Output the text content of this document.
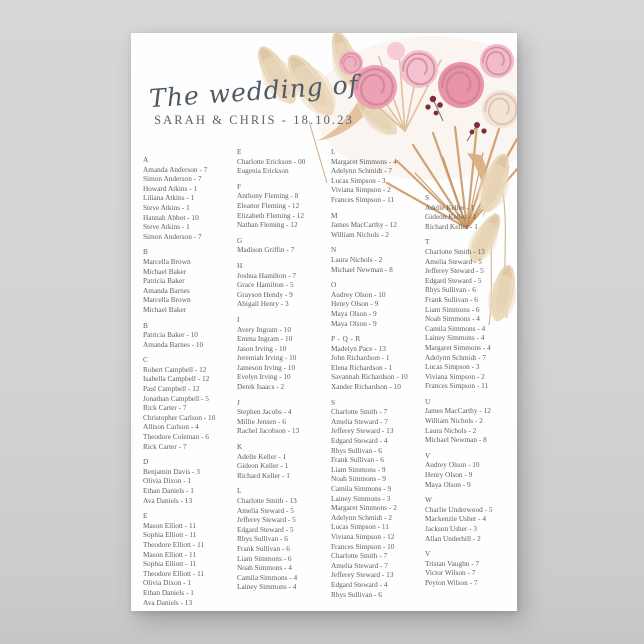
The wedding of
SARAH & CHRIS - 18.10.23
A
Amanda Anderson - 7
Simon Anderson - 7
Howard Atkins - 1
Liliana Atkins - 1
Steve Atkins - 1
Hannah Abbot - 10
Steve Atkins - 1
Simon Anderson - 7
B
Marcella Brown
Michael Baker
Patricia Baker
Amanda Barnes
Marcella Brown
Michael Baker
B
Patricia Baker - 10
Amanda Barnes - 10
C
Robert Campbell - 12
Isabella Campbell - 12
Paul Campbell - 12
Jonathan Campbell - 5
Rick Carter - 7
Christopher Carlson - 10
Allison Carlson - 4
Theodore Coleman - 6
Rick Carter - 7
D
Benjamin Davis - 3
Olivia Dixon - 1
Ethan Daniels - 1
Ava Daniels - 13
E
Mason Elliott - 11
Sophia Elliott - 11
Theodore Elliott - 11
Mason Elliott - 11
Sophia Elliott - 11
Theodore Elliott - 11
Olivia Dixon - 1
Ethan Daniels - 1
Ava Daniels - 13
E
Charlotte Erickson - 00
Eugenia Erickson
F
Anthony Fleming - 8
Eleanor Fleming - 12
Elizabeth Fleming - 12
Nathan Fleming - 12
G
Madison Griffin - 7
H
Joshua Hamilton - 7
Grace Hamilton - 5
Grayson Hendy - 9
Abigail Henry - 3
I
Avery Ingram - 10
Emma Ingram - 10
Jason Irving - 10
Jeremiah Irving - 10
Jameson Irving - 10
Evelyn Irving - 10
Derek Isaacs - 2
J
Stephen Jacobs - 4
Millie Jensen - 6
Rachel Jacobson - 13
K
Adelle Keller - 1
Gideon Keller - 1
Richard Keller - 1
L
Charlotte Smith - 13
Amelia Steward - 5
Jefferey Steward - 5
Edgard Steward - 5
Rhys Sullivan - 6
Frank Sullivan - 6
Liam Simmons - 6
Noah Simmons - 4
Camila Simmons - 4
Lainey Simmons - 4
L
Margaret Simmons - 4
Adelynn Schmidt - 7
Lucas Simpson - 3
Viviana Simpson - 2
Frances Simpson - 11
M
James MacCarthy - 12
William Nichols - 2
N
Laura Nichols - 2
Michael Newman - 8
O
Audrey Olson - 10
Henry Olson - 9
Maya Olson - 9
Maya Olson - 9
P - Q - R
Madelyn Pace - 13
John Richardson - 1
Elena Richardson - 1
Savannah Richardson - 10
Xander Richardson - 10
S
Charlotte Smith - 7
Amelia Steward - 7
Jefferey Steward - 13
Edgard Steward - 4
Rhys Sullivan - 6
Frank Sullivan - 6
Liam Simmons - 9
Noah Simmons - 9
Camila Simmons - 9
Lainey Simmons - 3
Margaret Simmons - 2
Adelynn Schmidt - 2
Lucas Simpson - 11
Viviana Simpson - 12
Frances Simpson - 10
Charlotte Smith - 7
Amelia Steward - 7
Jefferey Steward - 13
Edgard Steward - 4
Rhys Sullivan - 6
S
Adelle Keller - 1
Gideon Keller - 1
Richard Keller - 1
T
Charlotte Smith - 13
Amelia Steward - 5
Jefferey Steward - 5
Edgard Steward - 5
Rhys Sullivan - 6
Frank Sullivan - 6
Liam Simmons - 6
Noah Simmons - 4
Camila Simmons - 4
Lainey Simmons - 4
Margaret Simmons - 4
Adelynn Schmidt - 7
Lucas Simpson - 3
Viviana Simpson - 2
Frances Simpson - 11
U
James MacCarthy - 12
William Nichols - 2
Laura Nichols - 2
Michael Newman - 8
V
Audrey Olson - 10
Henry Olson - 9
Maya Olson - 9
W
Charlie Underwood - 5
Mackenzie Usher - 4
Jackson Usher - 3
Allan Underhill - 2
V
Tristan Vaughn - 7
Victor Wilson - 7
Peyton Wilson - 7
